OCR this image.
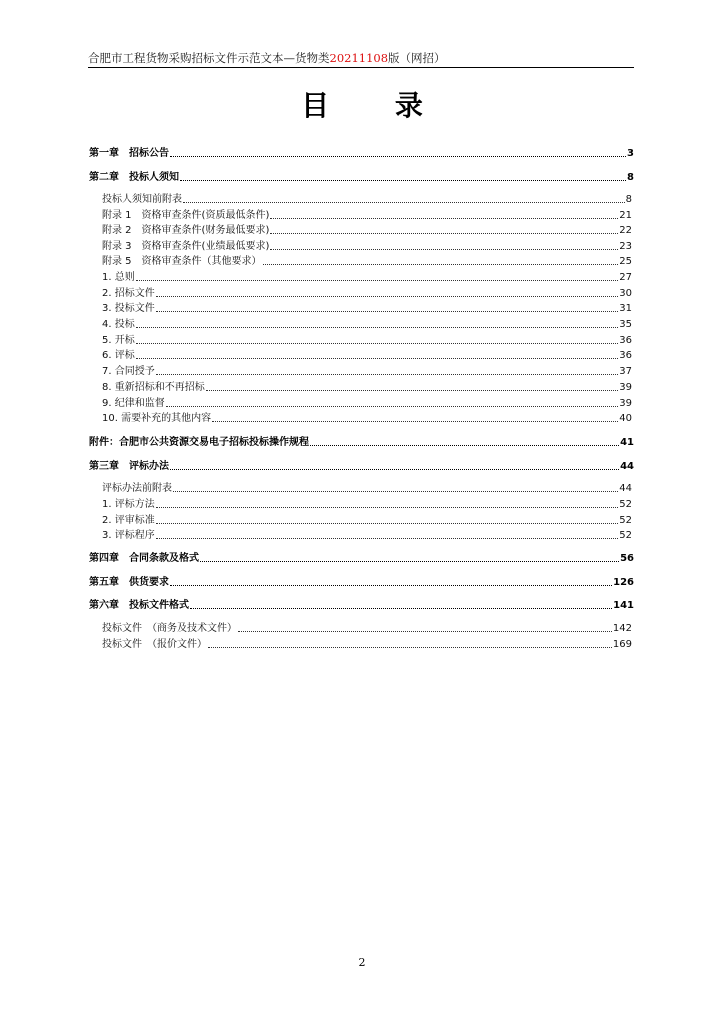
合肥市工程货物采购招标文件示范文本—货物类20211108版（网招）
目 录
第一章　招标公告	3
第二章　投标人须知	8
投标人须知前附表	8
附录 1　资格审查条件(资质最低条件)	21
附录 2　资格审查条件(财务最低要求)	22
附录 3　资格审查条件(业绩最低要求)	23
附录 5　资格审查条件（其他要求）	25
1. 总则	27
2. 招标文件	30
3. 投标文件	31
4. 投标	35
5. 开标	36
6. 评标	36
7. 合同授予	37
8. 重新招标和不再招标	39
9. 纪律和监督	39
10. 需要补充的其他内容	40
附件：合肥市公共资源交易电子招标投标操作规程	41
第三章　评标办法	44
评标办法前附表	44
1. 评标方法	52
2. 评审标准	52
3. 评标程序	52
第四章　合同条款及格式	56
第五章　供货要求	126
第六章　投标文件格式	141
投标文件　（商务及技术文件）	142
投标文件　（报价文件）	169
2
